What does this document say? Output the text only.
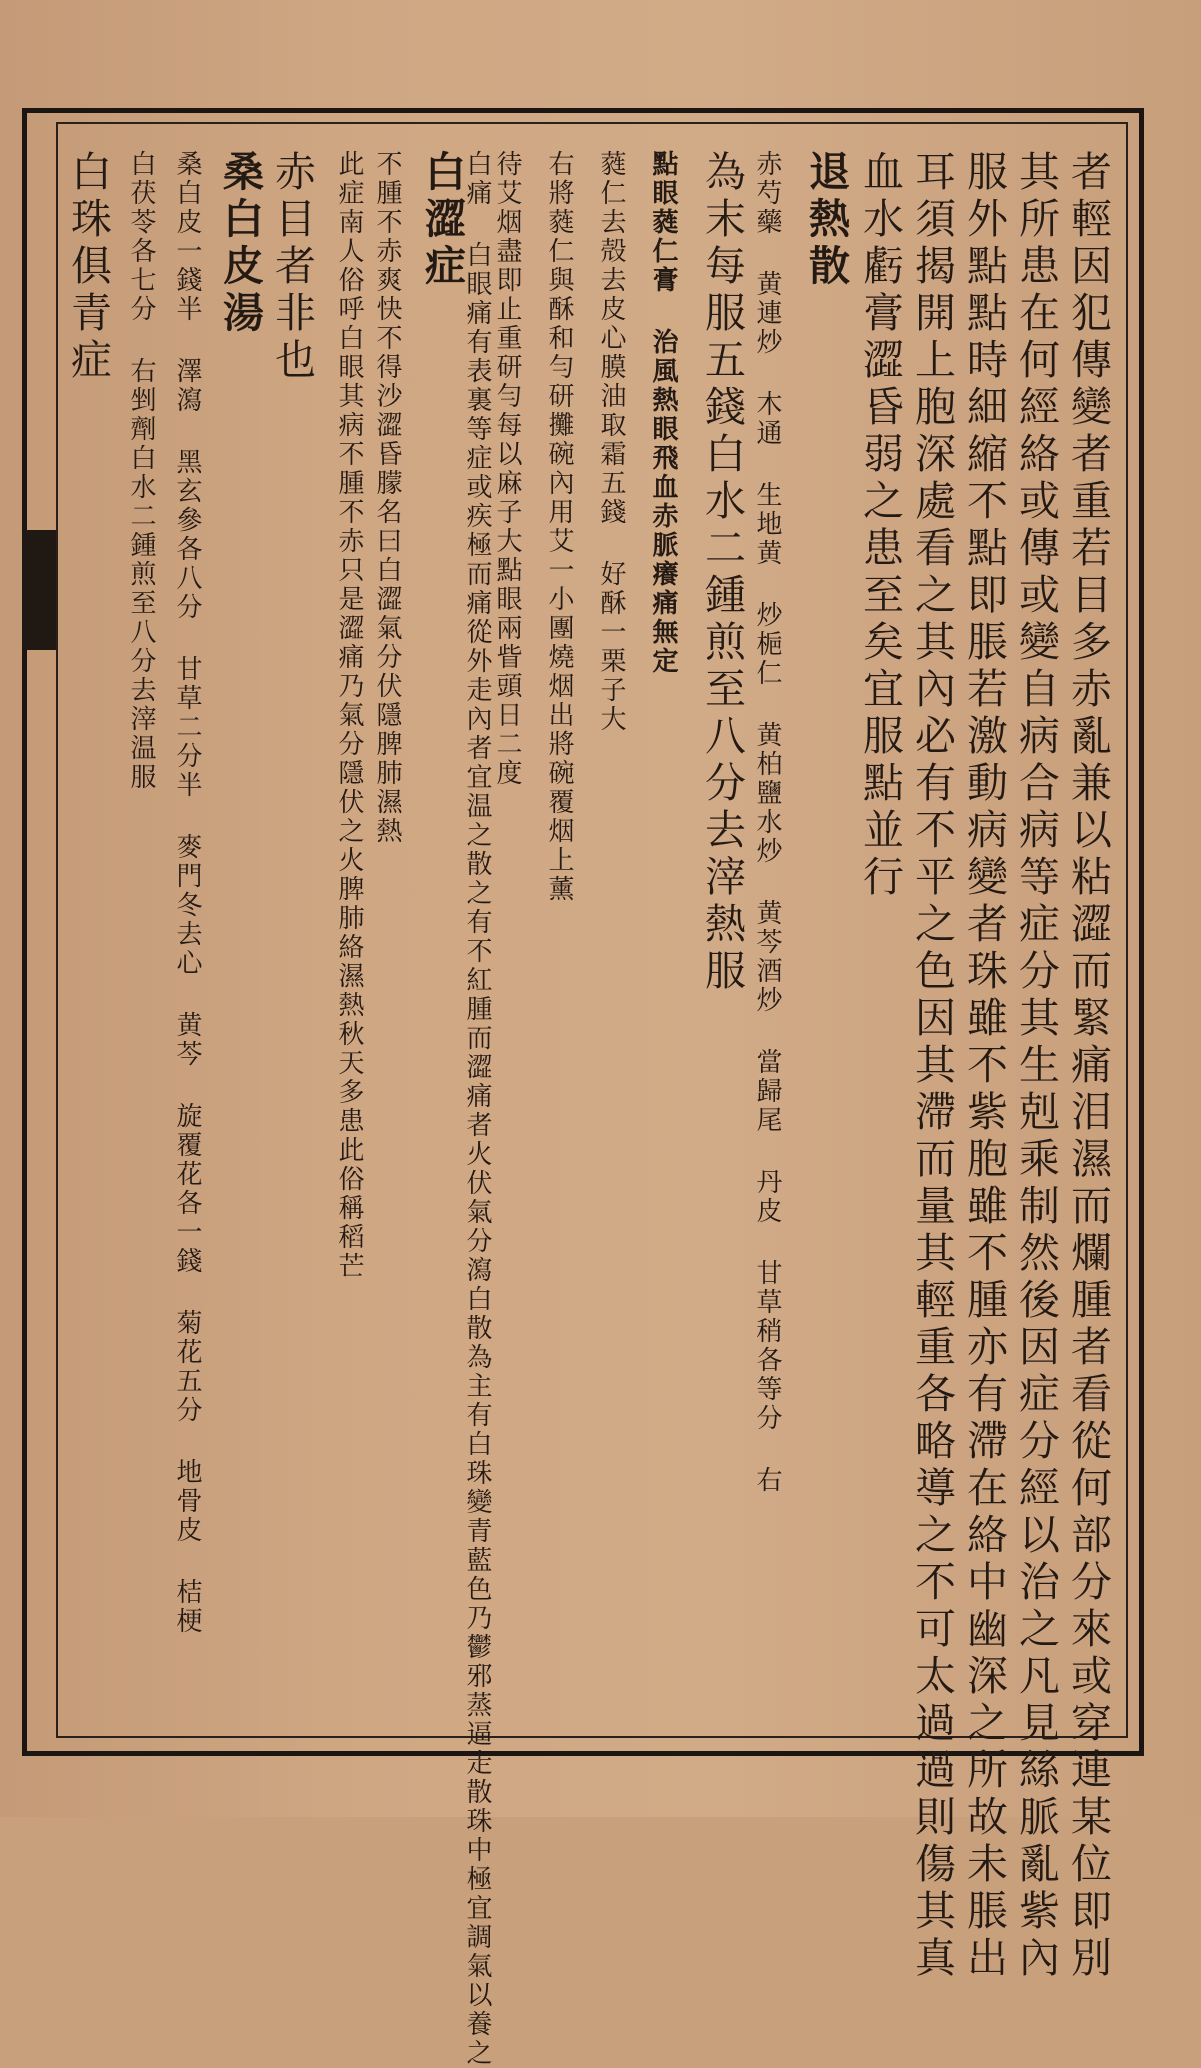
者輕因犯傳變者重若目多赤亂兼以粘澀而緊痛泪濕而爛腫者看從何部分來或穿連某位即別
其所患在何經絡或傳或變自病合病等症分其生剋乘制然後因症分經以治之凡見絲脈亂紫內
服外點點時細縮不點即脹若激動病變者珠雖不紫胞雖不腫亦有滯在絡中幽深之所故未脹出
耳須揭開上胞深處看之其內必有不平之色因其滯而量其輕重各略導之不可太過過則傷其真
血水虧膏澀昏弱之患至矣宜服點並行
退熱散
赤芍藥 黄連炒 木通 生地黄 炒梔仁 黄柏鹽水炒 黄芩酒炒 當歸尾 丹皮 甘草稍各等分 右
為末每服五錢白水二鍾煎至八分去滓熱服
點眼蕤仁膏 治風熱眼飛血赤脈癢痛無定
蕤仁去殻去皮心膜油取霜五錢 好酥一栗子大
右將蕤仁與酥和勻研攤碗內用艾一小團燒烟出將碗覆烟上薰
待艾烟盡即止重研勻每以麻子大點眼兩眥頭日二度
白痛 白眼痛有表裏等症或疾極而痛從外走內者宜温之散之有不紅腫而澀痛者火伏氣分瀉白散為主有白珠變青藍色乃鬱邪蒸逼走散珠中極宜調氣以養之
白澀症
不腫不赤爽快不得沙澀昏朦名曰白澀氣分伏隱脾肺濕熱
此症南人俗呼白眼其病不腫不赤只是澀痛乃氣分隱伏之火脾肺絡濕熱秋天多患此俗稱稻芒
赤目者非也
桑白皮湯
桑白皮一錢半 澤瀉 黑玄參各八分 甘草二分半 麥門冬去心 黄芩 旋覆花各一錢 菊花五分 地骨皮 桔梗
白茯苓各七分 右剉劑白水二鍾煎至八分去滓温服
白珠俱青症
